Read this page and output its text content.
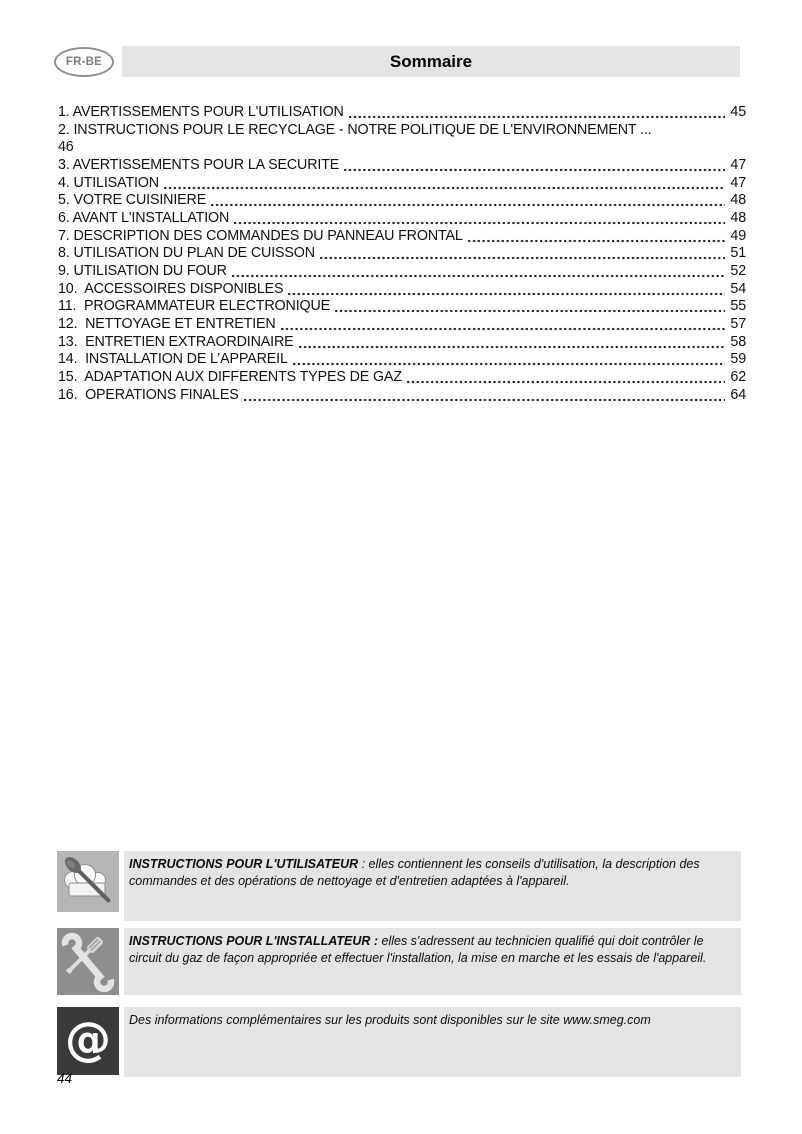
FR-BE	Sommaire
1. AVERTISSEMENTS POUR L'UTILISATION	45
2. INSTRUCTIONS POUR LE RECYCLAGE - NOTRE POLITIQUE DE L'ENVIRONNEMENT ...
46
3. AVERTISSEMENTS POUR LA SECURITE	47
4. UTILISATION	47
5. VOTRE CUISINIERE	48
6. AVANT L'INSTALLATION	48
7. DESCRIPTION DES COMMANDES DU PANNEAU FRONTAL	49
8. UTILISATION DU PLAN DE CUISSON	51
9. UTILISATION DU FOUR	52
10.  ACCESSOIRES DISPONIBLES	54
11.  PROGRAMMATEUR ELECTRONIQUE	55
12.  NETTOYAGE ET ENTRETIEN	57
13.  ENTRETIEN EXTRAORDINAIRE	58
14.  INSTALLATION DE L’APPAREIL	59
15.  ADAPTATION AUX DIFFERENTS TYPES DE GAZ	62
16.  OPERATIONS FINALES	64
INSTRUCTIONS POUR L'UTILISATEUR : elles contiennent les conseils d'utilisation, la description des commandes et des opérations de nettoyage et d'entretien adaptées à l'appareil.
INSTRUCTIONS POUR L'INSTALLATEUR : elles s'adressent au technicien qualifié qui doit contrôler le circuit du gaz de façon appropriée et effectuer l'installation, la mise en marche et les essais de l'appareil.
@	Des informations complémentaires sur les produits sont disponibles sur le site www.smeg.com
44
